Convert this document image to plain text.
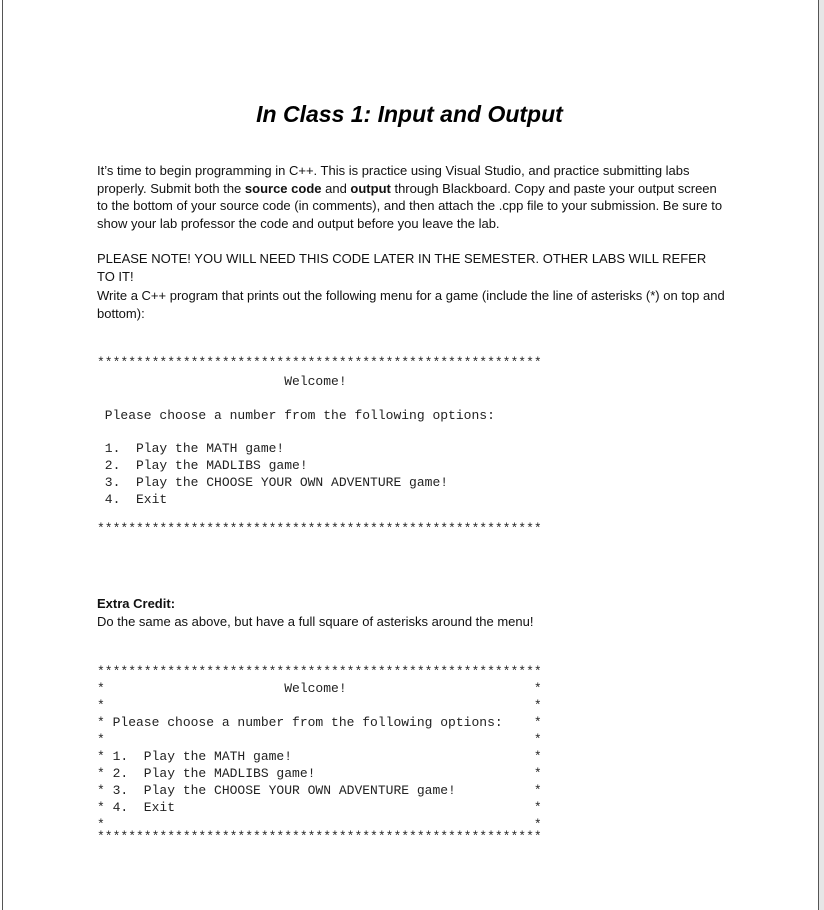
In Class 1: Input and Output
It’s time to begin programming in C++. This is practice using Visual Studio, and practice submitting labs properly. Submit both the source code and output through Blackboard. Copy and paste your output screen to the bottom of your source code (in comments), and then attach the .cpp file to your submission. Be sure to show your lab professor the code and output before you leave the lab.
PLEASE NOTE! YOU WILL NEED THIS CODE LATER IN THE SEMESTER. OTHER LABS WILL REFER TO IT!
Write a C++ program that prints out the following menu for a game (include the line of asterisks (*) on top and bottom):
*********************************************************
Welcome!
Please choose a number from the following options:
1.  Play the MATH game!
2.  Play the MADLIBS game!
3.  Play the CHOOSE YOUR OWN ADVENTURE game!
4.  Exit
*********************************************************
Extra Credit:
Do the same as above, but have a full square of asterisks around the menu!
*********************************************************
*                       Welcome!                        *
*                                                       *
* Please choose a number from the following options:    *
*                                                       *
* 1.  Play the MATH game!                               *
* 2.  Play the MADLIBS game!                            *
* 3.  Play the CHOOSE YOUR OWN ADVENTURE game!          *
* 4.  Exit                                              *
*                                                       *
*********************************************************
